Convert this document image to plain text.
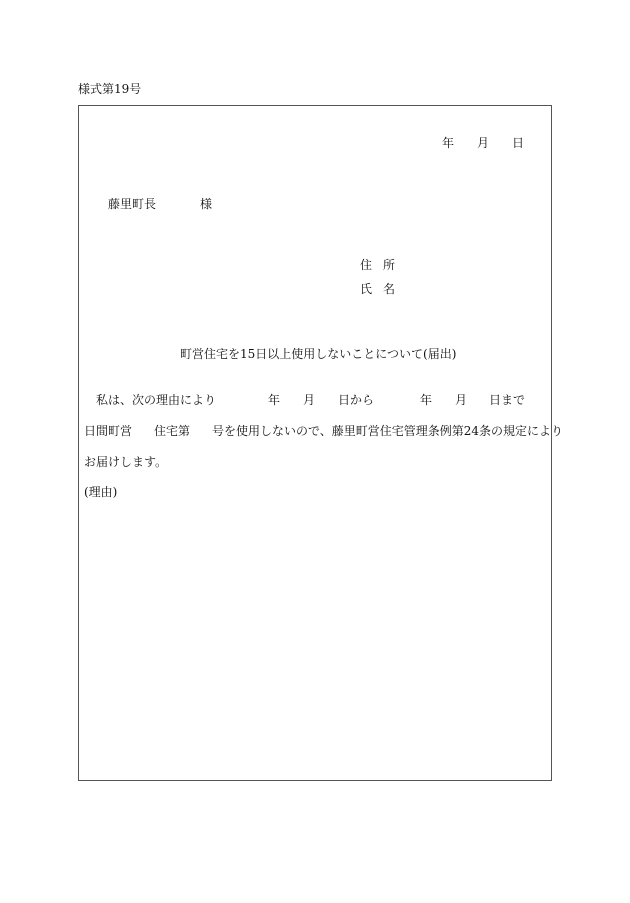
様式第19号
年 月 日
藤里町長	様
住 所
氏 名
町営住宅を15日以上使用しないことについて(届出)
私は、次の理由により	年 月 日から	年 月 日まで
日間町営 住宅第 号を使用しないので、藤里町営住宅管理条例第24条の規定により
お届けします。
(理由)
